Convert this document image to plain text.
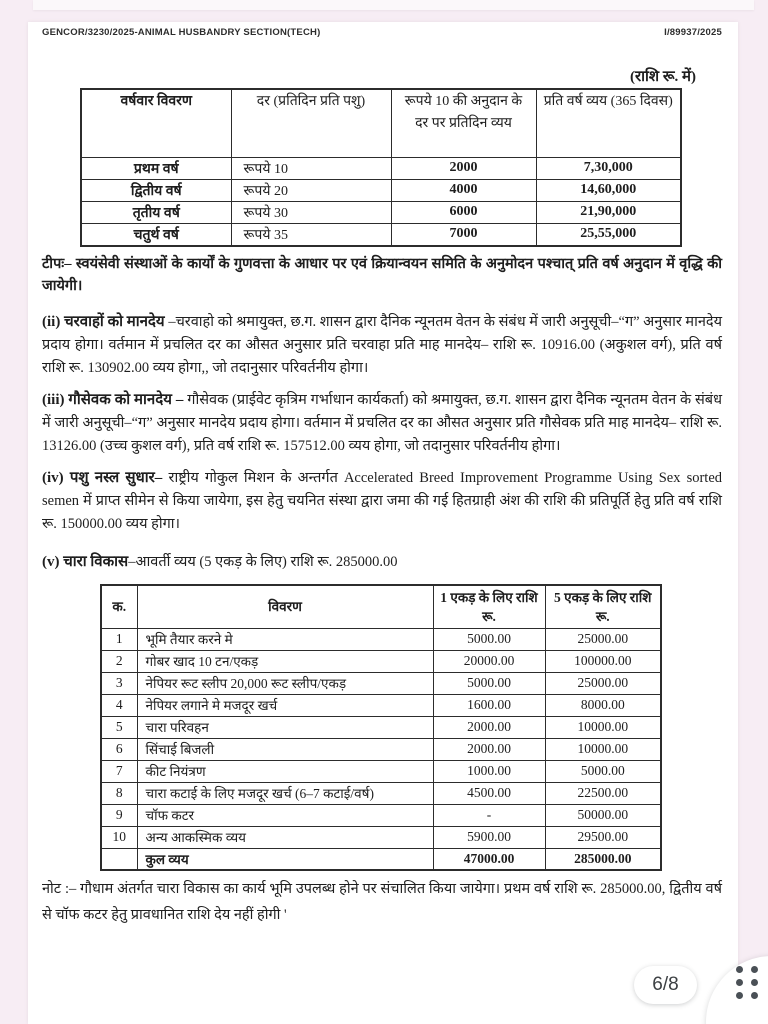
GENCOR/3230/2025-ANIMAL HUSBANDRY SECTION(TECH)	I/89937/2025
(राशि रू. में)
वर्षवार विवरण	दर (प्रतिदिन प्रति पशु)	रूपये 10 की अनुदान के दर पर प्रतिदिन व्यय	प्रति वर्ष व्यय (365 दिवस)
प्रथम वर्ष	रूपये 10	2000	7,30,000
द्वितीय वर्ष	रूपये 20	4000	14,60,000
तृतीय वर्ष	रूपये 30	6000	21,90,000
चतुर्थ वर्ष	रूपये 35	7000	25,55,000

टीपः– स्वयंसेवी संस्थाओं के कार्यों के गुणवत्ता के आधार पर एवं क्रियान्वयन समिति के अनुमोदन पश्चात् प्रति वर्ष अनुदान में वृद्धि की जायेगी।

(ii) चरवाहों को मानदेय –चरवाहो को श्रमायुक्त, छ.ग. शासन द्वारा दैनिक न्यूनतम वेतन के संबंध में जारी अनुसूची–“ग” अनुसार मानदेय प्रदाय होगा। वर्तमान में प्रचलित दर का औसत अनुसार प्रति चरवाहा प्रति माह मानदेय– राशि रू. 10916.00 (अकुशल वर्ग), प्रति वर्ष राशि रू. 130902.00 व्यय होगा,, जो तदानुसार परिवर्तनीय होगा।

(iii) गौसेवक को मानदेय – गौसेवक (प्राईवेट कृत्रिम गर्भाधान कार्यकर्ता) को श्रमायुक्त, छ.ग. शासन द्वारा दैनिक न्यूनतम वेतन के संबंध में जारी अनुसूची–“ग” अनुसार मानदेय प्रदाय होगा। वर्तमान में प्रचलित दर का औसत अनुसार प्रति गौसेवक प्रति माह मानदेय– राशि रू. 13126.00 (उच्च कुशल वर्ग), प्रति वर्ष राशि रू. 157512.00 व्यय होगा, जो तदानुसार परिवर्तनीय होगा।

(iv) पशु नस्ल सुधार– राष्ट्रीय गोकुल मिशन के अन्तर्गत Accelerated Breed Improvement Programme Using Sex sorted semen में प्राप्त सीमेन से किया जायेगा, इस हेतु चयनित संस्था द्वारा जमा की गई हितग्राही अंश की राशि की प्रतिपूर्ति हेतु प्रति वर्ष राशि रू. 150000.00 व्यय होगा।

(v) चारा विकास–आवर्ती व्यय (5 एकड़ के लिए) राशि रू. 285000.00

क.	विवरण	1 एकड़ के लिए राशि रू.	5 एकड़ के लिए राशि रू.
1	भूमि तैयार करने मे	5000.00	25000.00
2	गोबर खाद 10 टन/एकड़	20000.00	100000.00
3	नेपियर रूट स्लीप 20,000 रूट स्लीप/एकड़	5000.00	25000.00
4	नेपियर लगाने मे मजदूर खर्च	1600.00	8000.00
5	चारा परिवहन	2000.00	10000.00
6	सिंचाई बिजली	2000.00	10000.00
7	कीट नियंत्रण	1000.00	5000.00
8	चारा कटाई के लिए मजदूर खर्च (6–7 कटाई/वर्ष)	4500.00	22500.00
9	चॉफ कटर	-	50000.00
10	अन्य आकस्मिक व्यय	5900.00	29500.00
	कुल व्यय	47000.00	285000.00

नोट :– गौधाम अंतर्गत चारा विकास का कार्य भूमि उपलब्ध होने पर संचालित किया जायेगा। प्रथम वर्ष राशि रू. 285000.00, द्वितीय वर्ष से चॉफ कटर हेतु प्रावधानित राशि देय नहीं होगी '

6/8
